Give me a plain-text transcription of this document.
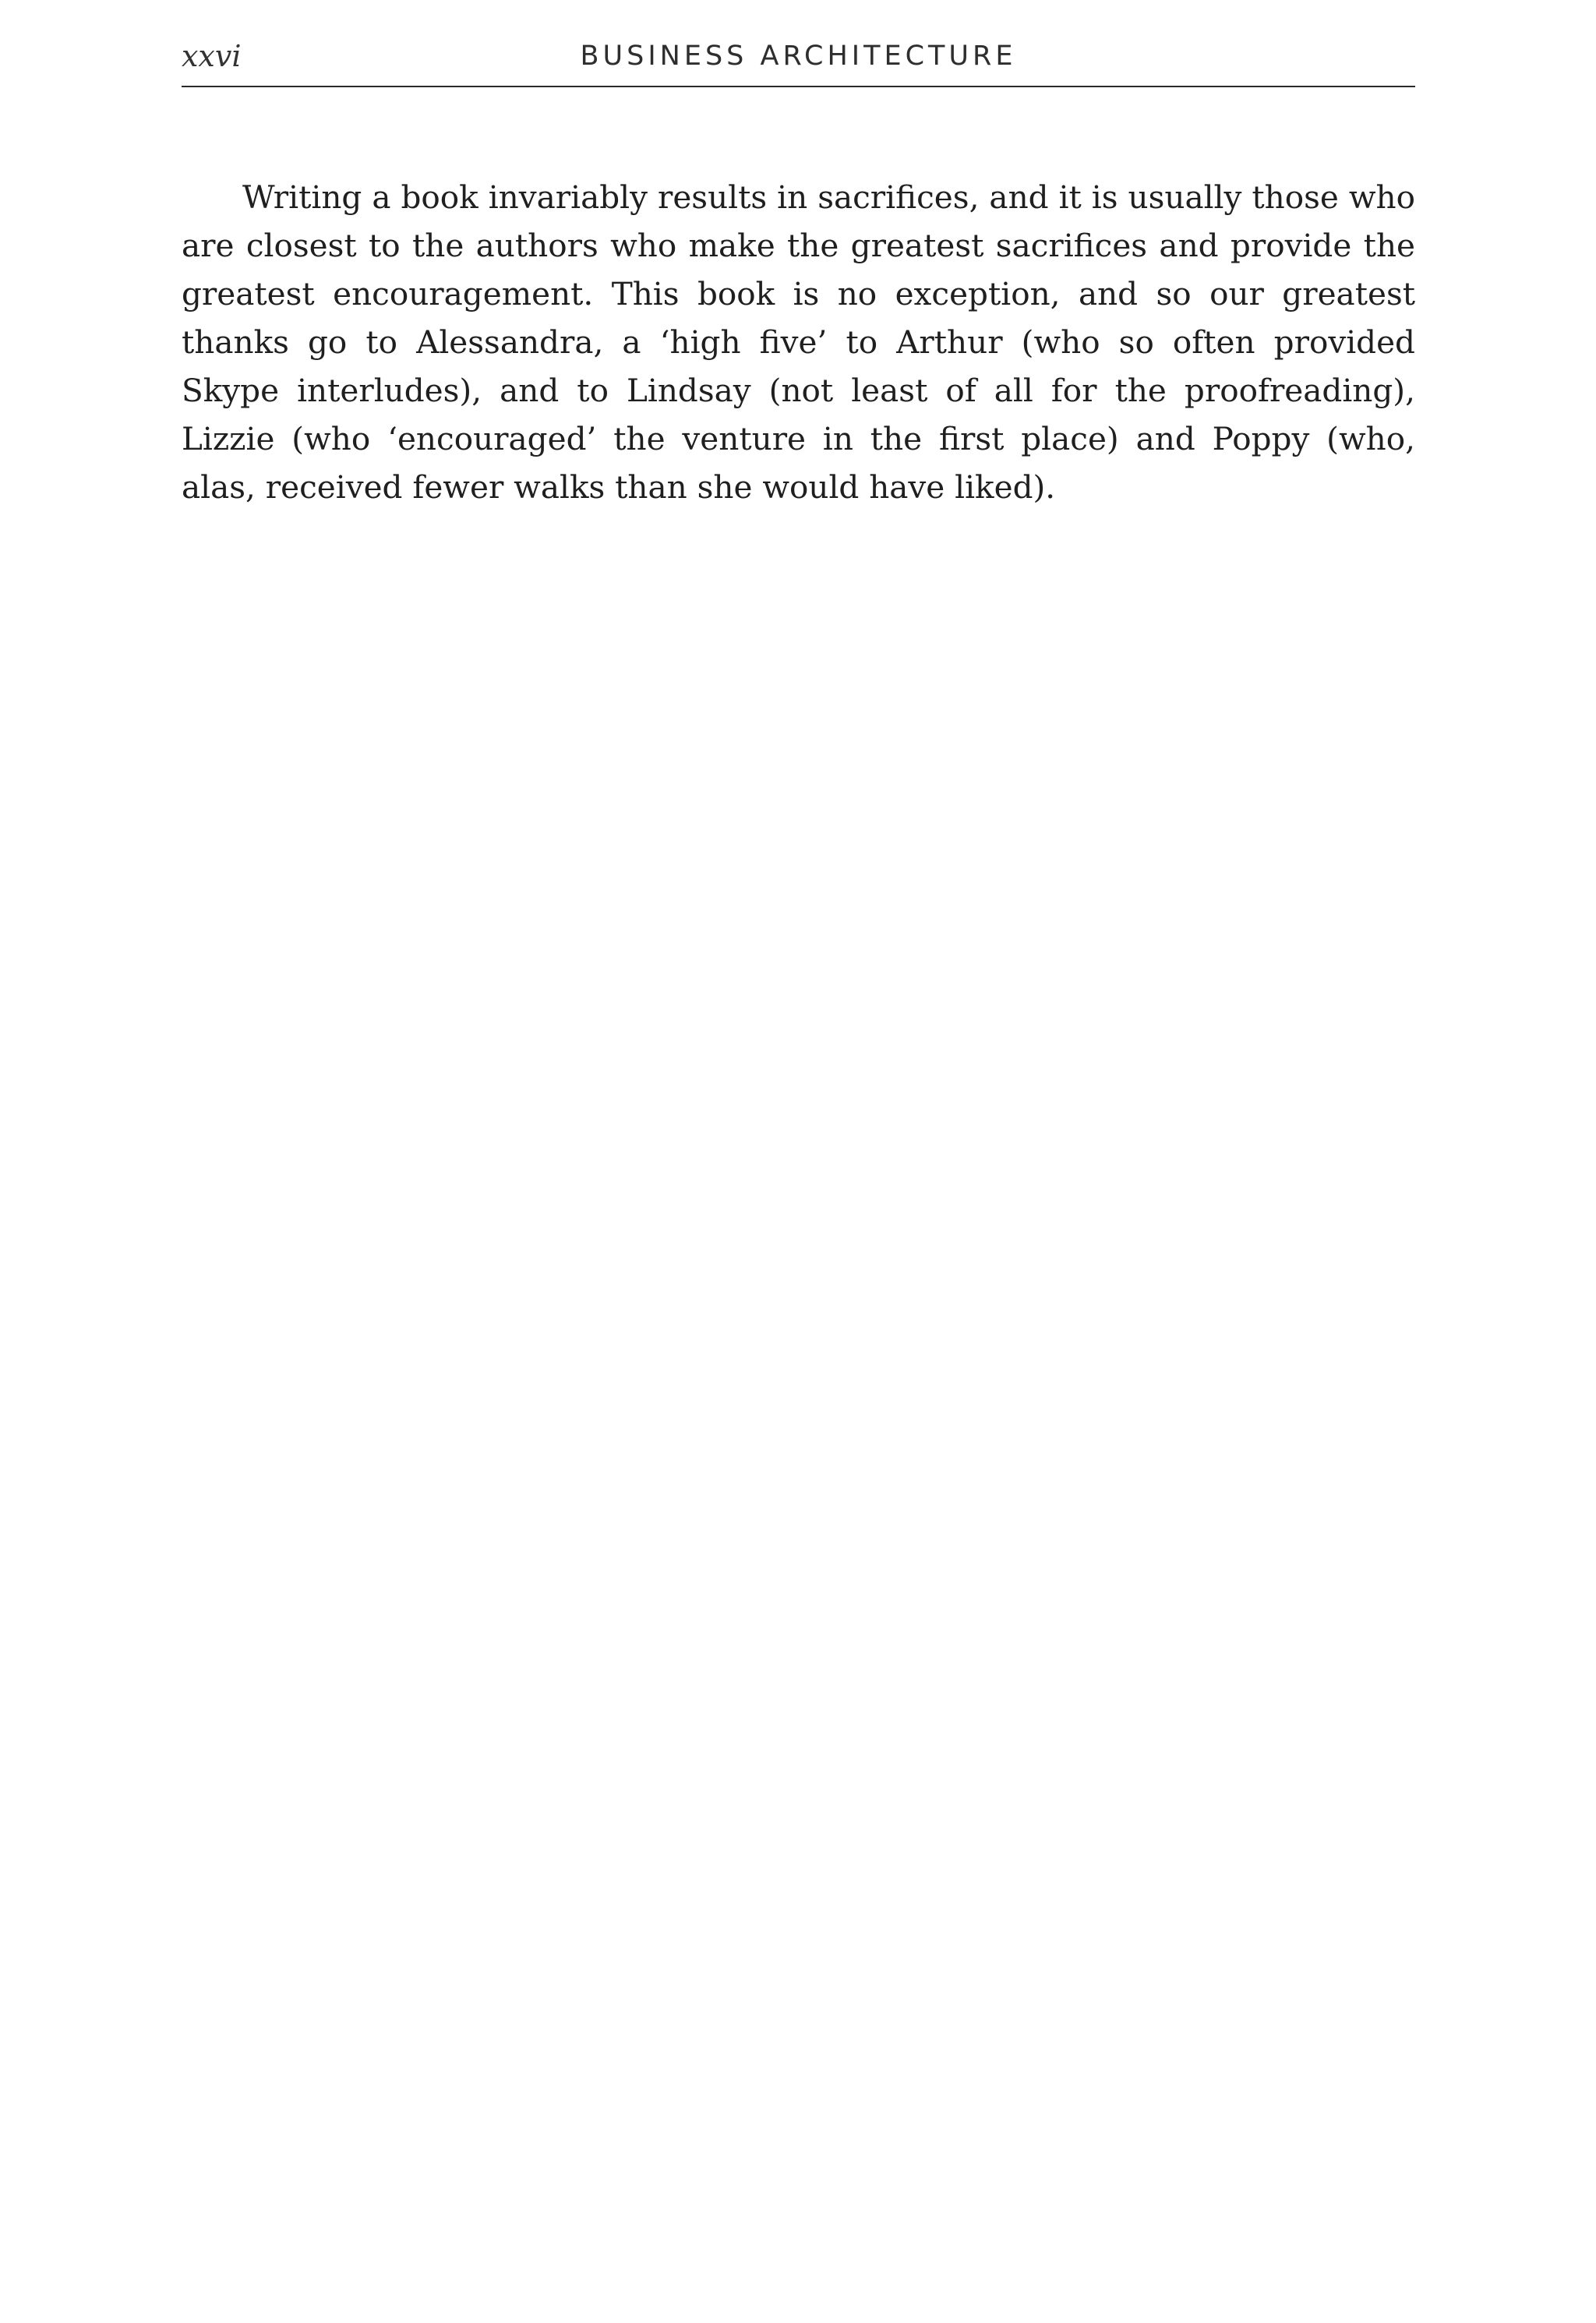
xxvi	BUSINESS ARCHITECTURE

Writing a book invariably results in sacrifices, and it is usually those who are closest to the authors who make the greatest sacrifices and provide the greatest encouragement. This book is no exception, and so our greatest thanks go to Alessandra, a ‘high five’ to Arthur (who so often provided Skype interludes), and to Lindsay (not least of all for the proofreading), Lizzie (who ‘encouraged’ the venture in the first place) and Poppy (who, alas, received fewer walks than she would have liked).
